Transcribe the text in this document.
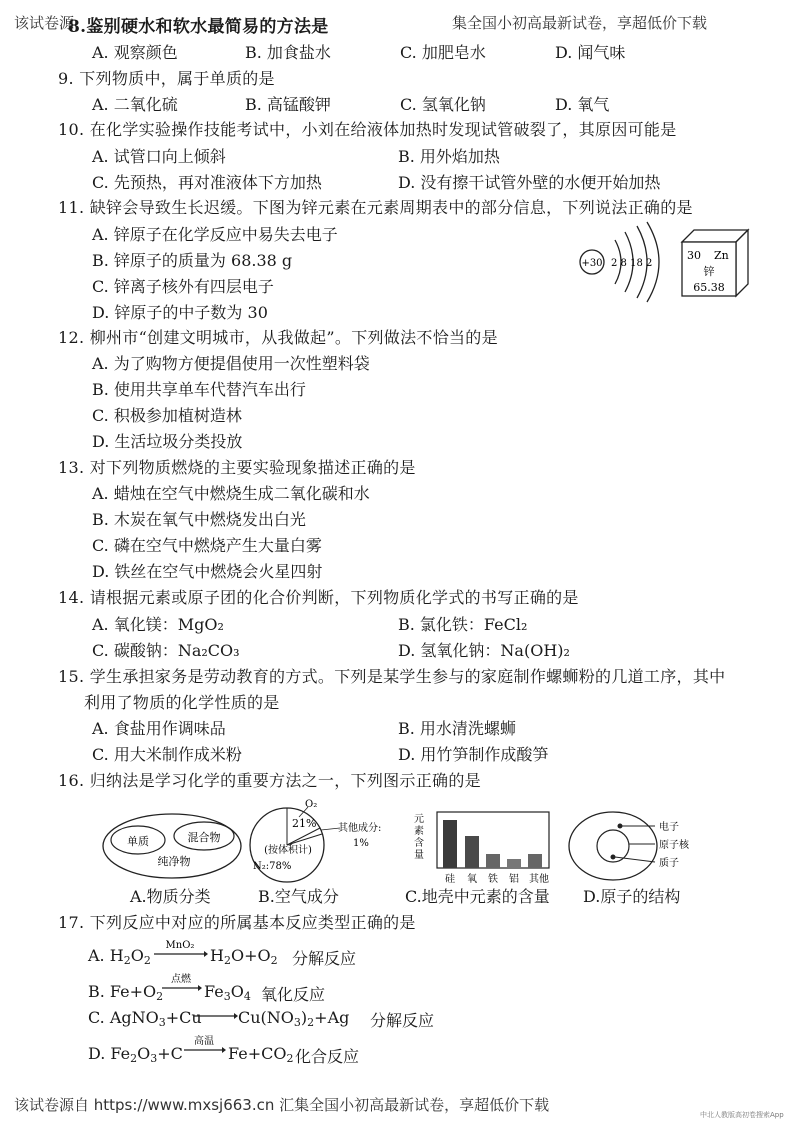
该试卷源	集全国小初高最新试卷，享超低价下载
8.鉴别硬水和软水最简易的方法是
A. 观察颜色	B. 加食盐水	C. 加肥皂水	D. 闻气味
9. 下列物质中，属于单质的是
A. 二氧化硫	B. 高锰酸钾	C. 氢氧化钠	D. 氧气
10. 在化学实验操作技能考试中，小刘在给液体加热时发现试管破裂了，其原因可能是
A. 试管口向上倾斜	B. 用外焰加热
C. 先预热，再对准液体下方加热	D. 没有擦干试管外壁的水便开始加热
11. 缺锌会导致生长迟缓。下图为锌元素在元素周期表中的部分信息，下列说法正确的是
A. 锌原子在化学反应中易失去电子
B. 锌原子的质量为 68.38 g
C. 锌离子核外有四层电子
D. 锌原子的中子数为 30
+30 2 8 18 2
30 Zn
锌
65.38
12. 柳州市“创建文明城市，从我做起”。下列做法不恰当的是
A. 为了购物方便提倡使用一次性塑料袋
B. 使用共享单车代替汽车出行
C. 积极参加植树造林
D. 生活垃圾分类投放
13. 对下列物质燃烧的主要实验现象描述正确的是
A. 蜡烛在空气中燃烧生成二氧化碳和水
B. 木炭在氧气中燃烧发出白光
C. 磷在空气中燃烧产生大量白雾
D. 铁丝在空气中燃烧会火星四射
14. 请根据元素或原子团的化合价判断，下列物质化学式的书写正确的是
A. 氧化镁：MgO₂	B. 氯化铁：FeCl₂
C. 碳酸钠：Na₂CO₃	D. 氢氧化钠：Na(OH)₂
15. 学生承担家务是劳动教育的方式。下列是某学生参与的家庭制作螺蛳粉的几道工序，其中
利用了物质的化学性质的是
A. 食盐用作调味品	B. 用水清洗螺蛳
C. 用大米制作成米粉	D. 用竹笋制作成酸笋
16. 归纳法是学习化学的重要方法之一，下列图示正确的是
单质	混合物
纯净物
A.物质分类
O₂
21% 其他成分:
1%
(按体积计)
N₂:78%
B.空气成分
元
素
含
量
硅 氧 铁 铝 其他
C.地壳中元素的含量
电子
原子核
质子
D.原子的结构
17. 下列反应中对应的所属基本反应类型正确的是
A. $H_2O_2$
MnO₂
$H_2O+O_2$ 分解反应
B. $Fe+O_2$
点燃
$Fe_3O_4$ 氧化反应
C. AgNO$_3$+Cu $Cu(NO_3)_2+Ag$ 分解反应
D. $Fe_2O_3+C$
高温
$Fe+CO_2$ 化合反应
该试卷源自 https://www.mxsj663.cn 汇集全国小初高最新试卷，享超低价下载
中北人教版高初卷搜索App
